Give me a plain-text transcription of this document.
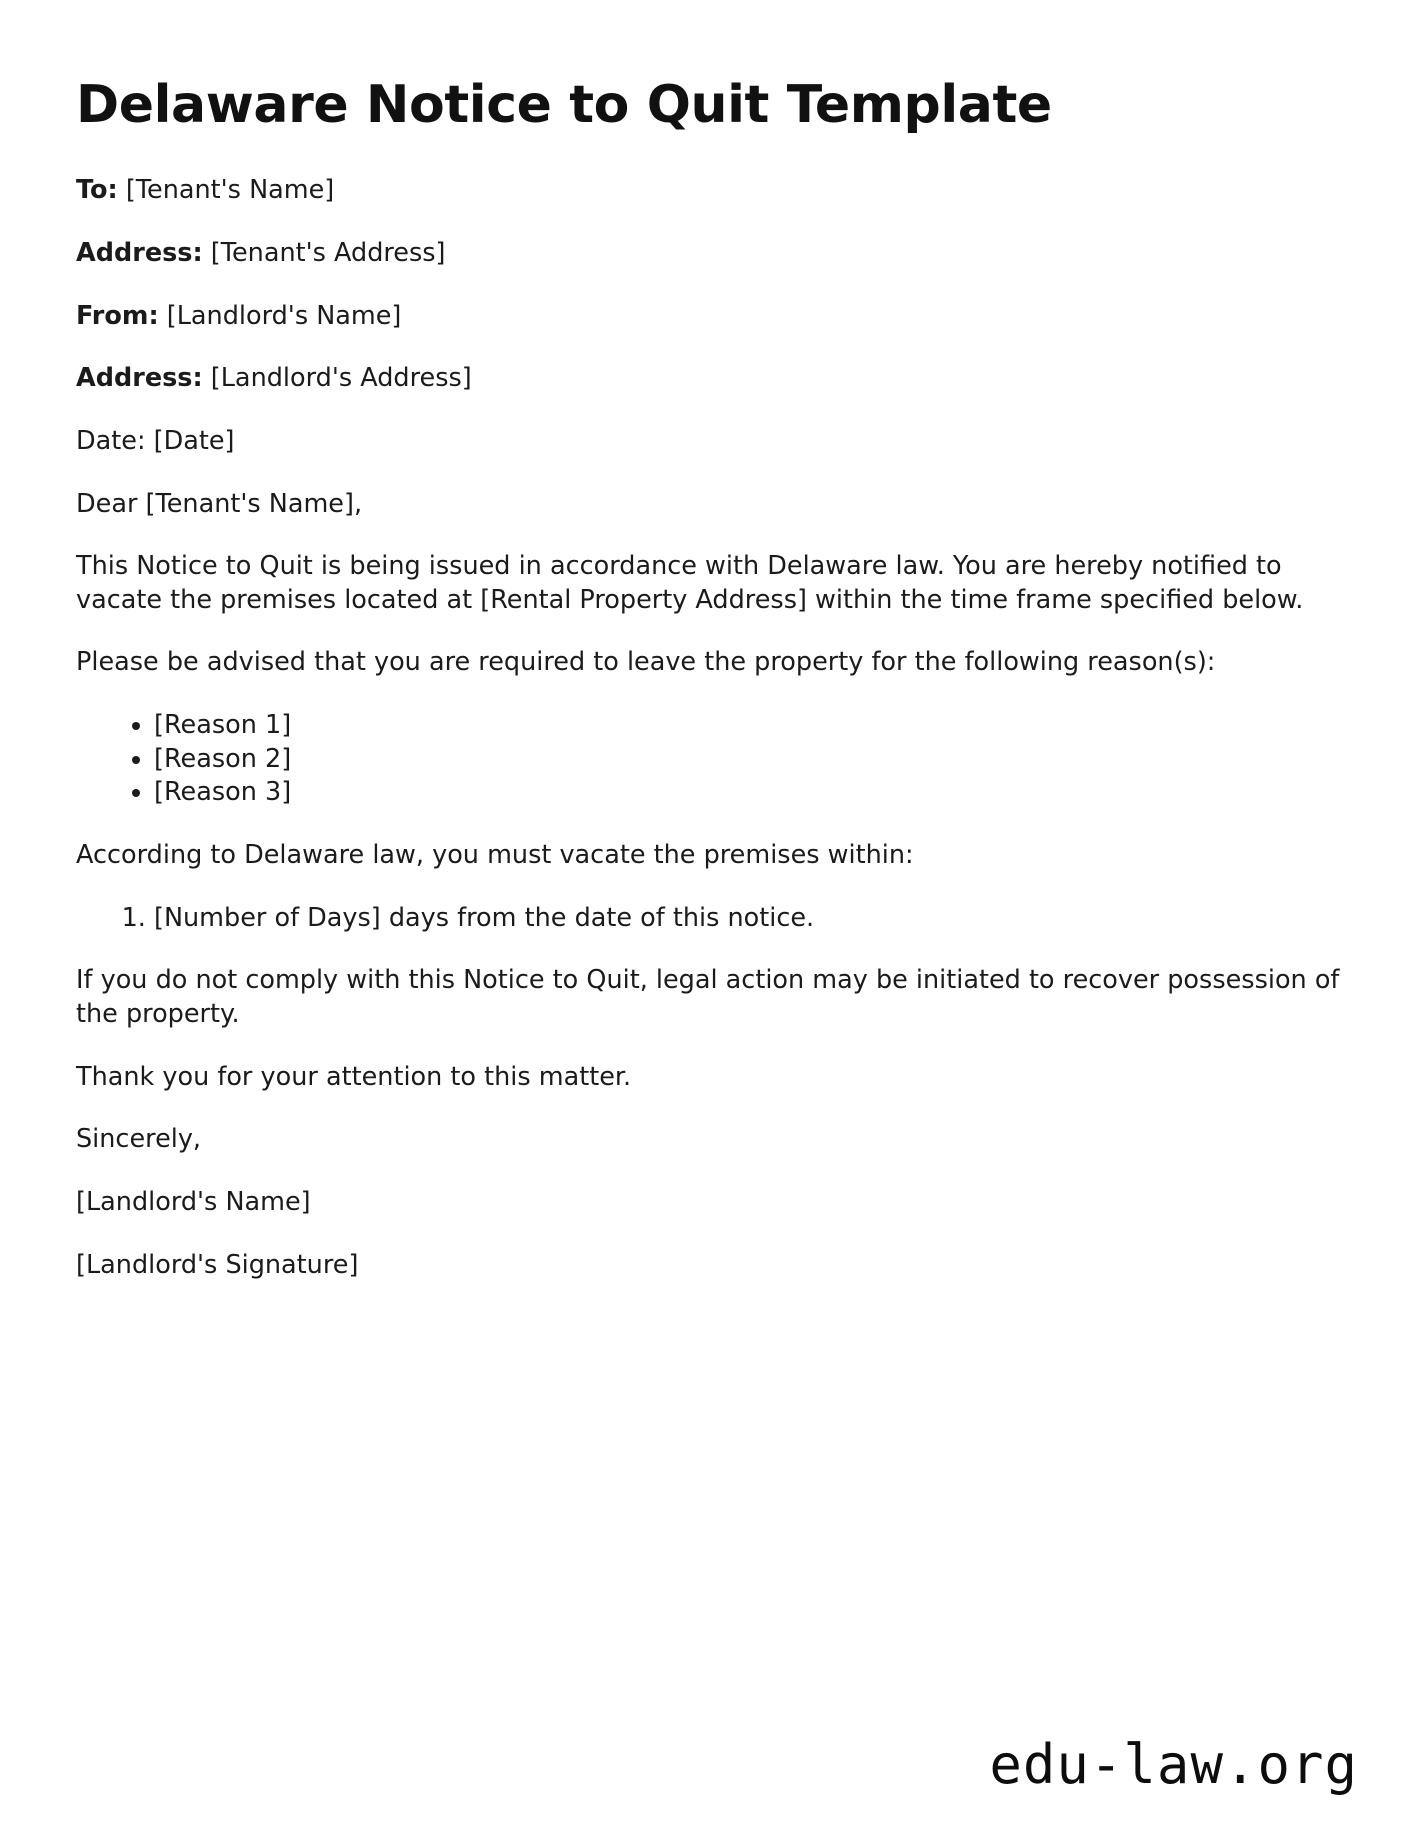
Delaware Notice to Quit Template

To: [Tenant's Name]

Address: [Tenant's Address]

From: [Landlord's Name]

Address: [Landlord's Address]

Date: [Date]

Dear [Tenant's Name],

This Notice to Quit is being issued in accordance with Delaware law. You are hereby notified to vacate the premises located at [Rental Property Address] within the time frame specified below.

Please be advised that you are required to leave the property for the following reason(s):

• [Reason 1]
• [Reason 2]
• [Reason 3]

According to Delaware law, you must vacate the premises within:

1. [Number of Days] days from the date of this notice.

If you do not comply with this Notice to Quit, legal action may be initiated to recover possession of the property.

Thank you for your attention to this matter.

Sincerely,

[Landlord's Name]

[Landlord's Signature]

edu-law.org
